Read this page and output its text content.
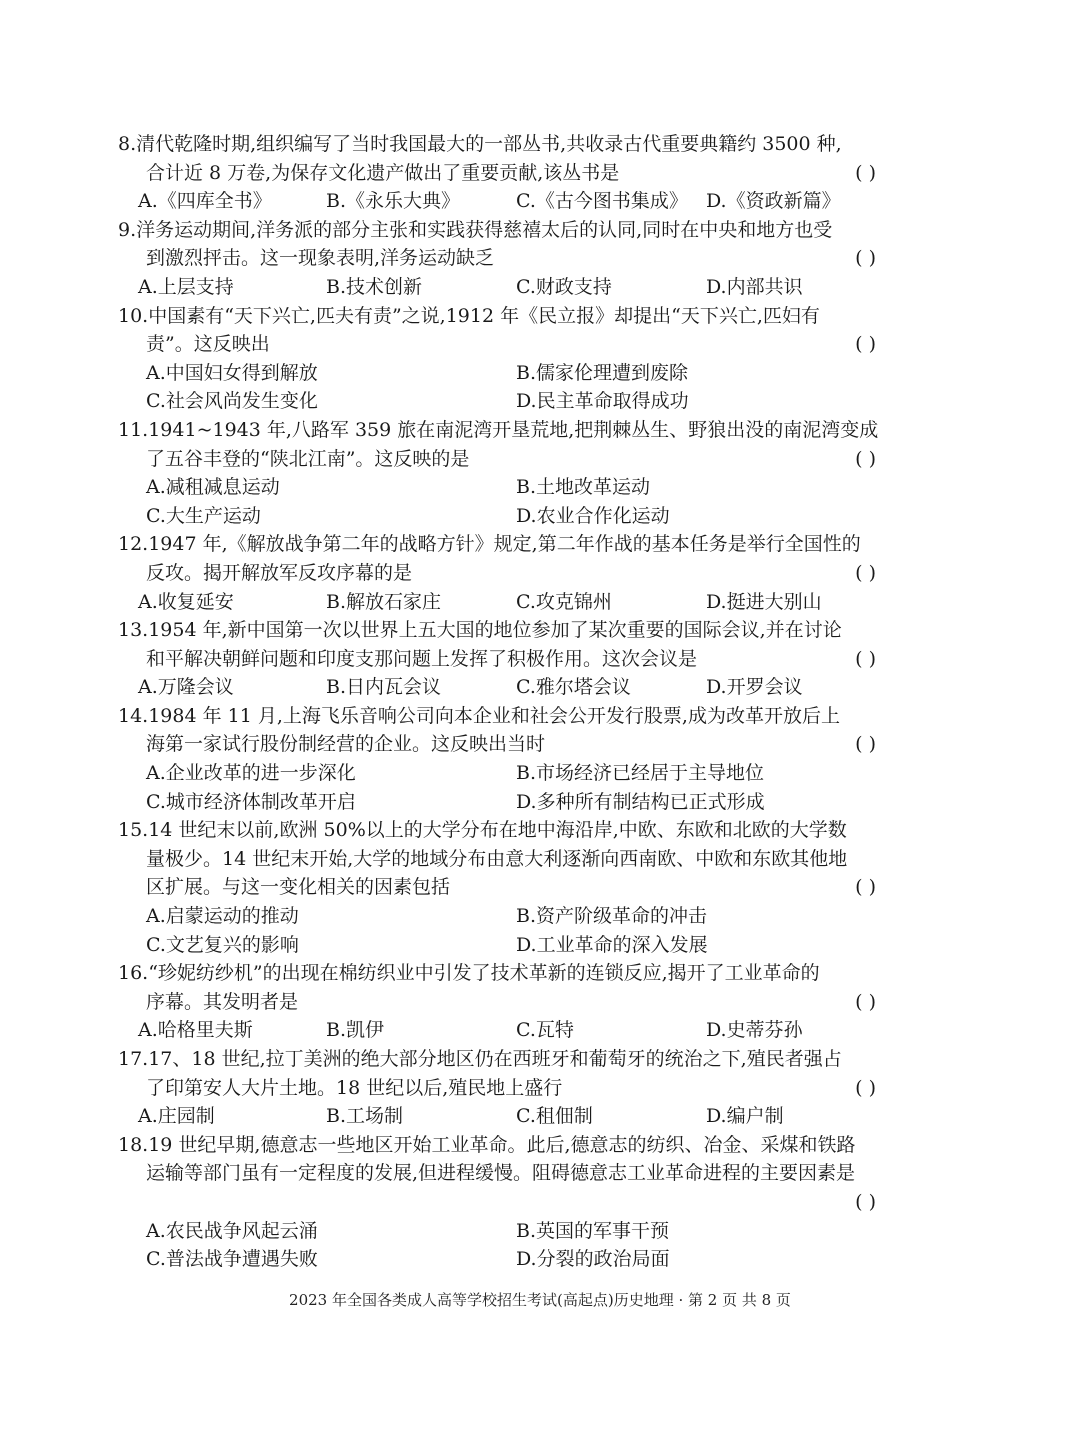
8.清代乾隆时期,组织编写了当时我国最大的一部丛书,共收录古代重要典籍约 3500 种,
合计近 8 万卷,为保存文化遗产做出了重要贡献,该丛书是	( )
A.《四库全书》	B.《永乐大典》	C.《古今图书集成》 D.《资政新篇》
9.洋务运动期间,洋务派的部分主张和实践获得慈禧太后的认同,同时在中央和地方也受
到激烈抨击。这一现象表明,洋务运动缺乏	( )
A.上层支持	B.技术创新	C.财政支持	D.内部共识
10.中国素有“天下兴亡,匹夫有责”之说,1912 年《民立报》却提出“天下兴亡,匹妇有
责”。这反映出	( )
A.中国妇女得到解放	B.儒家伦理遭到废除
C.社会风尚发生变化	D.民主革命取得成功
11.1941~1943 年,八路军 359 旅在南泥湾开垦荒地,把荆棘丛生、野狼出没的南泥湾变成
了五谷丰登的“陕北江南”。这反映的是	( )
A.减租减息运动	B.土地改革运动
C.大生产运动	D.农业合作化运动
12.1947 年,《解放战争第二年的战略方针》规定,第二年作战的基本任务是举行全国性的
反攻。揭开解放军反攻序幕的是	( )
A.收复延安	B.解放石家庄	C.攻克锦州	D.挺进大别山
13.1954 年,新中国第一次以世界上五大国的地位参加了某次重要的国际会议,并在讨论
和平解决朝鲜问题和印度支那问题上发挥了积极作用。这次会议是	( )
A.万隆会议	B.日内瓦会议	C.雅尔塔会议	D.开罗会议
14.1984 年 11 月,上海飞乐音响公司向本企业和社会公开发行股票,成为改革开放后上
海第一家试行股份制经营的企业。这反映出当时	( )
A.企业改革的进一步深化	B.市场经济已经居于主导地位
C.城市经济体制改革开启	D.多种所有制结构已正式形成
15.14 世纪末以前,欧洲 50%以上的大学分布在地中海沿岸,中欧、东欧和北欧的大学数
量极少。14 世纪末开始,大学的地域分布由意大利逐渐向西南欧、中欧和东欧其他地
区扩展。与这一变化相关的因素包括	( )
A.启蒙运动的推动	B.资产阶级革命的冲击
C.文艺复兴的影响	D.工业革命的深入发展
16.“珍妮纺纱机”的出现在棉纺织业中引发了技术革新的连锁反应,揭开了工业革命的
序幕。其发明者是	( )
A.哈格里夫斯	B.凯伊	C.瓦特	D.史蒂芬孙
17.17、18 世纪,拉丁美洲的绝大部分地区仍在西班牙和葡萄牙的统治之下,殖民者强占
了印第安人大片土地。18 世纪以后,殖民地上盛行	( )
A.庄园制	B.工场制	C.租佃制	D.编户制
18.19 世纪早期,德意志一些地区开始工业革命。此后,德意志的纺织、冶金、采煤和铁路
运输等部门虽有一定程度的发展,但进程缓慢。阻碍德意志工业革命进程的主要因素是
( )
A.农民战争风起云涌	B.英国的军事干预
C.普法战争遭遇失败	D.分裂的政治局面
2023 年全国各类成人高等学校招生考试(高起点)历史地理 · 第 2 页 共 8 页
